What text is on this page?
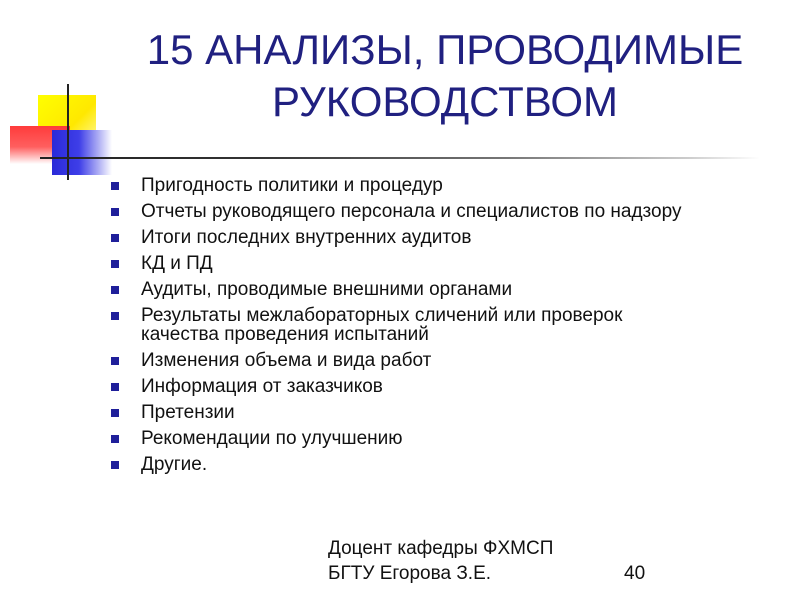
15 АНАЛИЗЫ, ПРОВОДИМЫЕ
РУКОВОДСТВОМ
Пригодность политики и процедур
Отчеты руководящего персонала и специалистов по надзору
Итоги последних внутренних аудитов
КД и ПД
Аудиты, проводимые внешними органами
Результаты межлабораторных сличений или проверок
качества проведения испытаний
Изменения объема и вида работ
Информация от заказчиков
Претензии
Рекомендации по улучшению
Другие.
Доцент кафедры ФХМСП
БГТУ Егорова З.Е.	40
